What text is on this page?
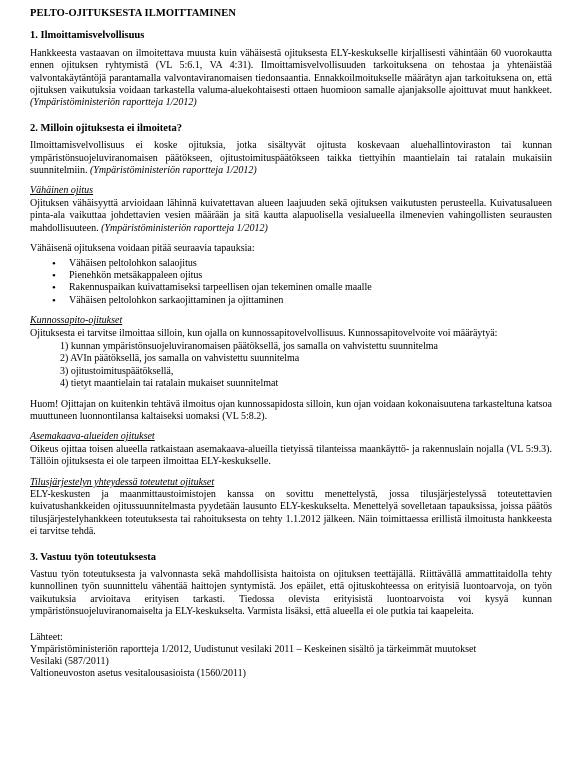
PELTO-OJITUKSESTA ILMOITTAMINEN
1. Ilmoittamisvelvollisuus

Hankkeesta vastaavan on ilmoitettava muusta kuin vähäisestä ojituksesta ELY-keskukselle kirjallisesti vähintään 60 vuorokautta ennen ojituksen ryhtymistä (VL 5:6.1, VA 4:31). Ilmoittamisvelvollisuuden tarkoituksena on tehostaa ja yhtenäistää valvontakäytäntöjä parantamalla valvontaviranomaisen tiedonsaantia. Ennakkoilmoitukselle määrätyn ajan tarkoituksena on, että ojituksen vaikutuksia voidaan tarkastella valuma-aluekohtaisesti ottaen huomioon samalle ajanjaksolle ajoittuvat muut hankkeet. (Ympäristöministeriön raportteja 1/2012)

2. Milloin ojituksesta ei ilmoiteta?

Ilmoittamisvelvollisuus ei koske ojituksia, jotka sisältyvät ojitusta koskevaan aluehallintoviraston tai kunnan ympäristönsuojeluviranomaisen päätökseen, ojitustoimituspäätökseen taikka tiettyihin maantielain tai ratalain mukaisiin suunnitelmiin. (Ympäristöministeriön raportteja 1/2012)

Vähäinen ojitus

Ojituksen vähäisyyttä arvioidaan lähinnä kuivatettavan alueen laajuuden sekä ojituksen vaikutusten perusteella. Kuivatusalueen pinta-ala vaikuttaa johdettavien vesien määrään ja sitä kautta alapuolisella vesialueella ilmenevien vahingollisten seurausten mahdollisuuteen. (Ympäristöministeriön raportteja 1/2012)

Vähäisenä ojituksena voidaan pitää seuraavia tapauksia:
• Vähäisen peltolohkon salaojitus
• Pienehkön metsäkappaleen ojitus
• Rakennuspaikan kuivattamiseksi tarpeellisen ojan tekeminen omalle maalle
• Vähäisen peltolohkon sarkaojittaminen ja ojittaminen
Kunnossapito-ojitukset

Ojituksesta ei tarvitse ilmoittaa silloin, kun ojalla on kunnossapitovelvollisuus. Kunnossapitovelvoite voi määräytyä:

1) kunnan ympäristönsuojeluviranomaisen päätöksellä, jos samalla on vahvistettu suunnitelma
2) AVIn päätöksellä, jos samalla on vahvistettu suunnitelma
3) ojitustoimituspäätöksellä,
4) tietyt maantielain tai ratalain mukaiset suunnitelmat

Huom! Ojittajan on kuitenkin tehtävä ilmoitus ojan kunnossapidosta silloin, kun ojan voidaan kokonaisuutena tarkasteltuna katsoa muuttuneen luonnontilansa kaltaiseksi uomaksi (VL 5:8.2).

Asemakaava-alueiden ojitukset

Oikeus ojittaa toisen alueella ratkaistaan asemakaava-alueilla tietyissä tilanteissa maankäyttö- ja rakennuslain nojalla (VL 5:9.3). Tällöin ojituksesta ei ole tarpeen ilmoittaa ELY-keskukselle.

Tilusjärjestelyn yhteydessä toteutetut ojitukset

ELY-keskusten ja maanmittaustoimistojen kanssa on sovittu menettelystä, jossa tilusjärjestelyssä toteutettavien kuivatushankkeiden ojitussuunnitelmasta pyydetään lausunto ELY-keskukselta. Menettelyä sovelletaan tapauksissa, joissa päätös tilusjärjestelyhankkeen toteutuksesta tai rahoituksesta on tehty 1.1.2012 jälkeen. Näin toimittaessa erillistä ilmoitusta hankkeesta ei tarvitse tehdä.

3. Vastuu työn toteutuksesta

Vastuu työn toteutuksesta ja valvonnasta sekä mahdollisista haitoista on ojituksen teettäjällä. Riittävällä ammattitaidolla tehty kunnollinen työn suunnittelu vähentää haittojen syntymistä. Jos epäilet, että ojituskohteessa on erityisiä luontoarvoja, on työn vaikutuksia arvioitava erityisen tarkasti. Tiedossa olevista erityisistä luontoarvoista voi kysyä kunnan ympäristönsuojeluviranomaiselta ja ELY-keskukselta. Varmista lisäksi, että alueella ei ole putkia tai kaapeleita.

Lähteet:
Ympäristöministeriön raportteja 1/2012, Uudistunut vesilaki 2011 – Keskeinen sisältö ja tärkeimmät muutokset
Vesilaki (587/2011)
Valtioneuvoston asetus vesitalousasioista (1560/2011)
